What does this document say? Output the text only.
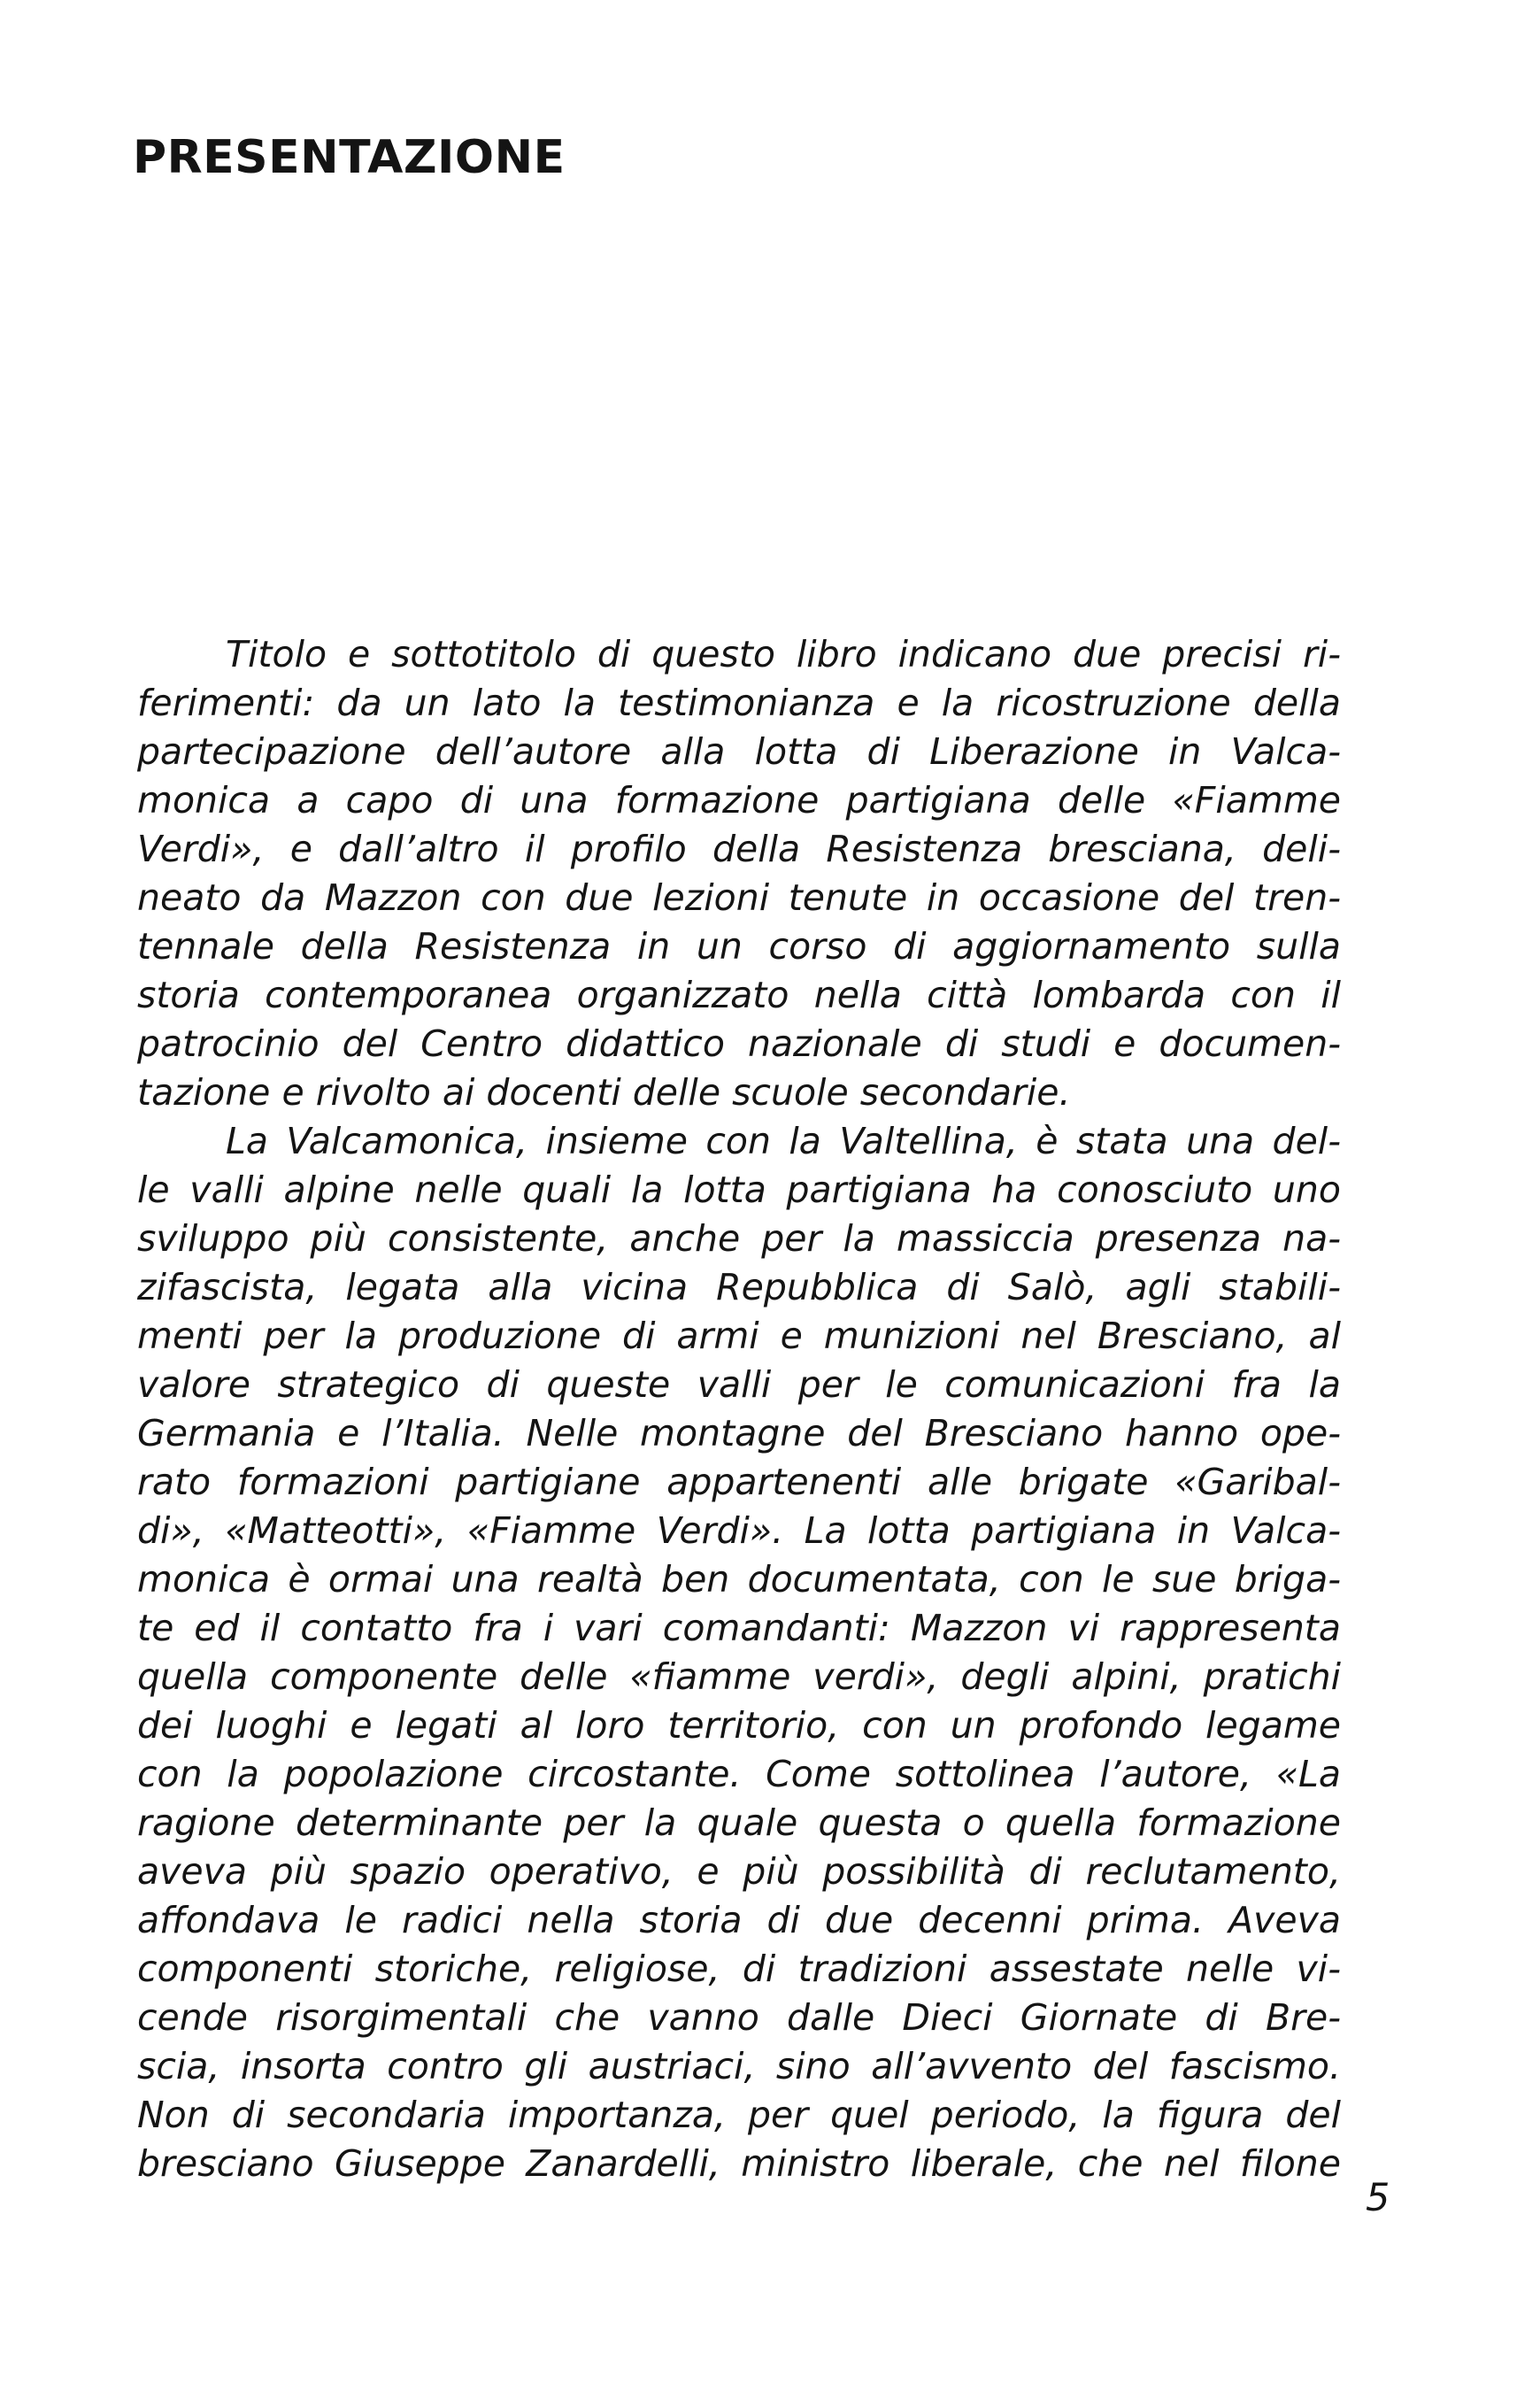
PRESENTAZIONE
Titolo e sottotitolo di questo libro indicano due precisi ri-
ferimenti: da un lato la testimonianza e la ricostruzione della
partecipazione dell’autore alla lotta di Liberazione in Valca-
monica a capo di una formazione partigiana delle «Fiamme
Verdi», e dall’altro il profilo della Resistenza bresciana, deli-
neato da Mazzon con due lezioni tenute in occasione del tren-
tennale della Resistenza in un corso di aggiornamento sulla
storia contemporanea organizzato nella città lombarda con il
patrocinio del Centro didattico nazionale di studi e documen-
tazione e rivolto ai docenti delle scuole secondarie.
La Valcamonica, insieme con la Valtellina, è stata una del-
le valli alpine nelle quali la lotta partigiana ha conosciuto uno
sviluppo più consistente, anche per la massiccia presenza na-
zifascista, legata alla vicina Repubblica di Salò, agli stabili-
menti per la produzione di armi e munizioni nel Bresciano, al
valore strategico di queste valli per le comunicazioni fra la
Germania e l’Italia. Nelle montagne del Bresciano hanno ope-
rato formazioni partigiane appartenenti alle brigate «Garibal-
di», «Matteotti», «Fiamme Verdi». La lotta partigiana in Valca-
monica è ormai una realtà ben documentata, con le sue briga-
te ed il contatto fra i vari comandanti: Mazzon vi rappresenta
quella componente delle «fiamme verdi», degli alpini, pratichi
dei luoghi e legati al loro territorio, con un profondo legame
con la popolazione circostante. Come sottolinea l’autore, «La
ragione determinante per la quale questa o quella formazione
aveva più spazio operativo, e più possibilità di reclutamento,
affondava le radici nella storia di due decenni prima. Aveva
componenti storiche, religiose, di tradizioni assestate nelle vi-
cende risorgimentali che vanno dalle Dieci Giornate di Bre-
scia, insorta contro gli austriaci, sino all’avvento del fascismo.
Non di secondaria importanza, per quel periodo, la figura del
bresciano Giuseppe Zanardelli, ministro liberale, che nel filone
5
